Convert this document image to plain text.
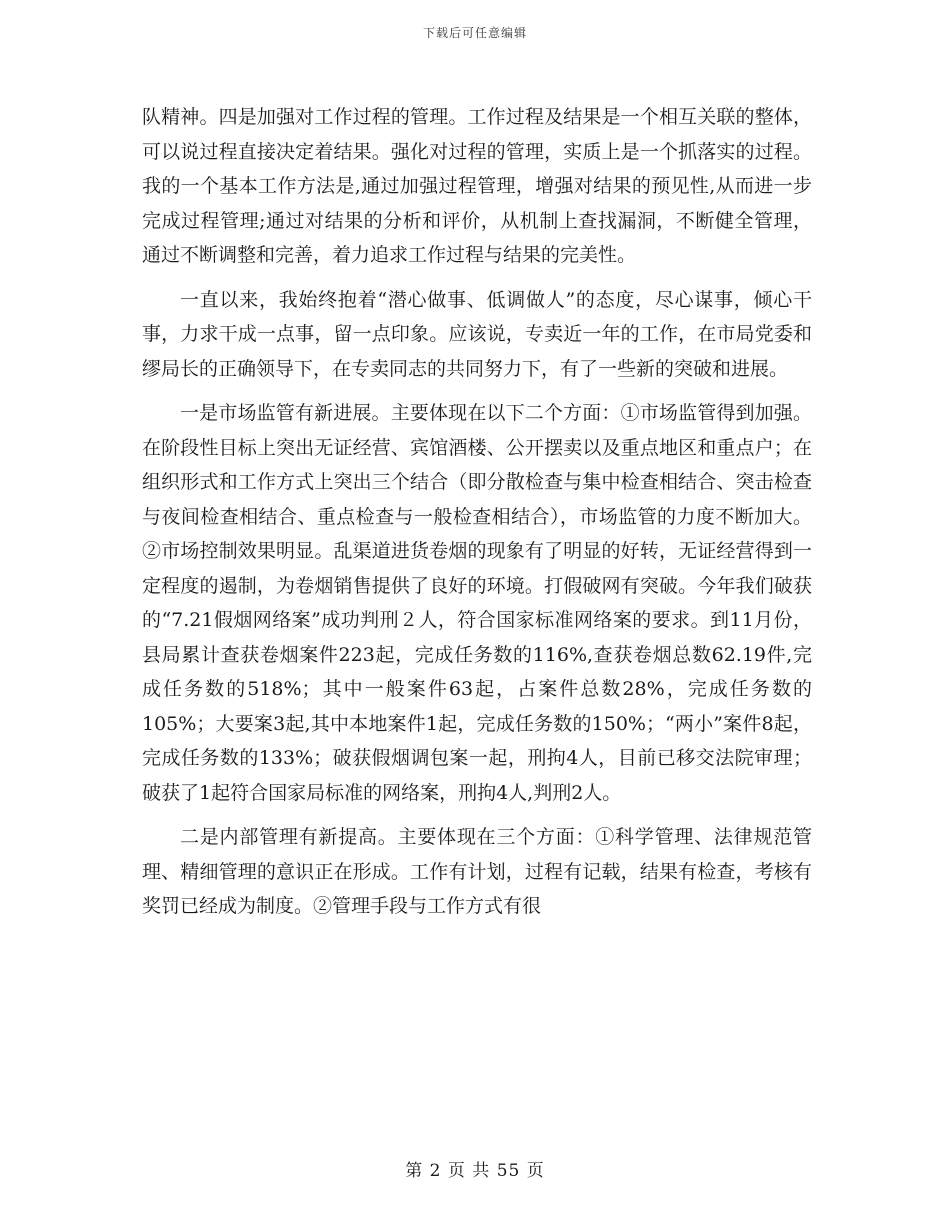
下载后可任意编辑

队精神。四是加强对工作过程的管理。工作过程及结果是一个相互关联的整体，可以说过程直接决定着结果。强化对过程的管理，实质上是一个抓落实的过程。我的一个基本工作方法是,通过加强过程管理，增强对结果的预见性,从而进一步完成过程管理;通过对结果的分析和评价，从机制上查找漏洞，不断健全管理，通过不断调整和完善，着力追求工作过程与结果的完美性。

一直以来，我始终抱着“潜心做事、低调做人”的态度，尽心谋事，倾心干事，力求干成一点事，留一点印象。应该说，专卖近一年的工作，在市局党委和缪局长的正确领导下，在专卖同志的共同努力下，有了一些新的突破和进展。

一是市场监管有新进展。主要体现在以下二个方面：①市场监管得到加强。在阶段性目标上突出无证经营、宾馆酒楼、公开摆卖以及重点地区和重点户；在组织形式和工作方式上突出三个结合（即分散检查与集中检查相结合、突击检查与夜间检查相结合、重点检查与一般检查相结合），市场监管的力度不断加大。②市场控制效果明显。乱渠道进货卷烟的现象有了明显的好转，无证经营得到一定程度的遏制，为卷烟销售提供了良好的环境。打假破网有突破。今年我们破获的“7.21假烟网络案”成功判刑２人，符合国家标准网络案的要求。到11月份，县局累计查获卷烟案件223起，完成任务数的116%,查获卷烟总数62.19件,完成任务数的518%；其中一般案件63起，占案件总数28%，完成任务数的105%；大要案3起,其中本地案件1起，完成任务数的150%；“两小”案件8起，完成任务数的133%；破获假烟调包案一起，刑拘4人，目前已移交法院审理；破获了1起符合国家局标准的网络案，刑拘4人,判刑2人。

二是内部管理有新提高。主要体现在三个方面：①科学管理、法律规范管理、精细管理的意识正在形成。工作有计划，过程有记载，结果有检查，考核有奖罚已经成为制度。②管理手段与工作方式有很

第 2 页 共 55 页
